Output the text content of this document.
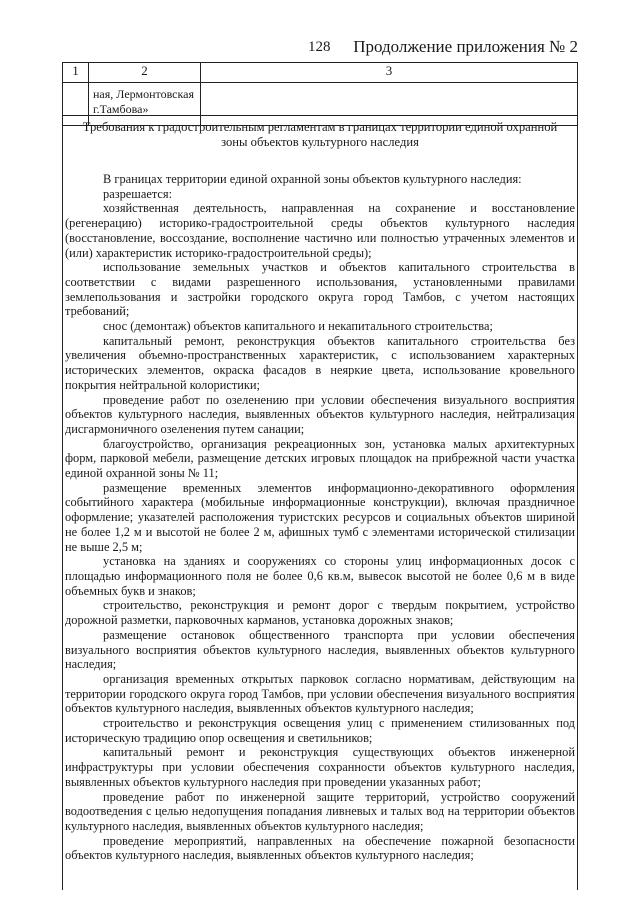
128 Продолжение приложения № 2
1	2	3

	ная, Лермонтовская
г.Тамбова»	

Требования к градостроительным регламентам в границах территории единой охранной зоны объектов культурного наследия

В границах территории единой охранной зоны объектов культурного наследия:

разрешается:

хозяйственная деятельность, направленная на сохранение и восстановление (регенерацию) историко-градостроительной среды объектов культурного наследия (восстановление, воссоздание, восполнение частично или полностью утраченных элементов и (или) характеристик историко-градостроительной среды);

использование земельных участков и объектов капитального строительства в соответствии с видами разрешенного использования, установленными правилами землепользования и застройки городского округа город Тамбов, с учетом настоящих требований;

снос (демонтаж) объектов капитального и некапитального строительства;

капитальный ремонт, реконструкция объектов капитального строительства без увеличения объемно-пространственных характеристик, с использованием характерных исторических элементов, окраска фасадов в неяркие цвета, использование кровельного покрытия нейтральной колористики;

проведение работ по озеленению при условии обеспечения визуального восприятия объектов культурного наследия, выявленных объектов культурного наследия, нейтрализация дисгармоничного озеленения путем санации;

благоустройство, организация рекреационных зон, установка малых архитектурных форм, парковой мебели, размещение детских игровых площадок на прибрежной части участка единой охранной зоны № 11;

размещение временных элементов информационно-декоративного оформления событийного характера (мобильные информационные конструкции), включая праздничное оформление; указателей расположения туристских ресурсов и социальных объектов шириной не более 1,2 м и высотой не более 2 м, афишных тумб с элементами исторической стилизации не выше 2,5 м;

установка на зданиях и сооружениях со стороны улиц информационных досок с площадью информационного поля не более 0,6 кв.м, вывесок высотой не более 0,6 м в виде объемных букв и знаков;

строительство, реконструкция и ремонт дорог с твердым покрытием, устройство дорожной разметки, парковочных карманов, установка дорожных знаков;

размещение остановок общественного транспорта при условии обеспечения визуального восприятия объектов культурного наследия, выявленных объектов культурного наследия;

организация временных открытых парковок согласно нормативам, действующим на территории городского округа город Тамбов, при условии обеспечения визуального восприятия объектов культурного наследия, выявленных объектов культурного наследия;

строительство и реконструкция освещения улиц с применением стилизованных под историческую традицию опор освещения и светильников;

капитальный ремонт и реконструкция существующих объектов инженерной инфраструктуры при условии обеспечения сохранности объектов культурного наследия, выявленных объектов культурного наследия при проведении указанных работ;

проведение работ по инженерной защите территорий, устройство сооружений водоотведения с целью недопущения попадания ливневых и талых вод на территории объектов культурного наследия, выявленных объектов культурного наследия;

проведение мероприятий, направленных на обеспечение пожарной безопасности объектов культурного наследия, выявленных объектов культурного наследия;
